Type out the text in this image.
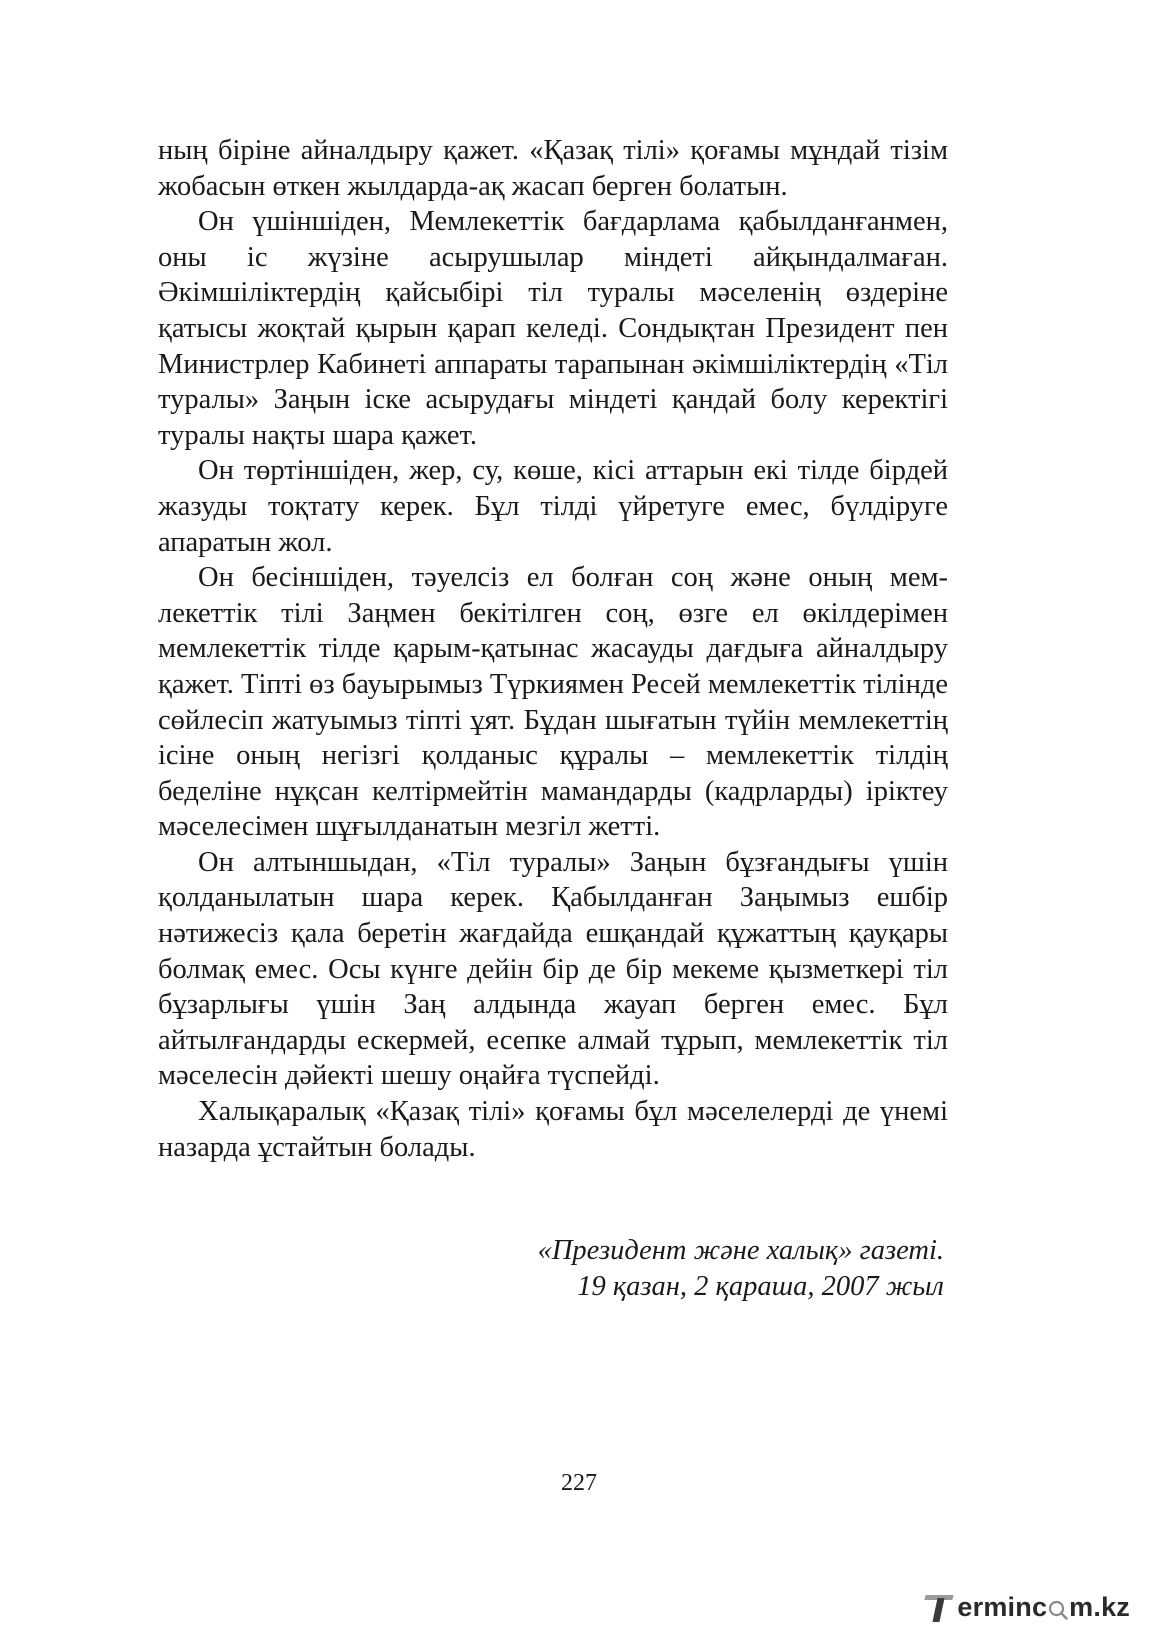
ның біріне айналдыру қажет. «Қазақ тілі» қоғамы мұндай тізім жобасын өткен жылдарда-ақ жасап берген болатын.

Он үшіншіден, Мемлекеттік бағдарлама қабылданғанмен, оны іс жүзіне асырушылар міндеті айқындалмаған. Әкімшіліктердің қайсыбірі тіл туралы мәселенің өздеріне қатысы жоқтай қырын қарап келеді. Сондықтан Президент пен Министрлер Кабинеті аппараты тарапынан әкімшіліктердің «Тіл туралы» Заңын іске асырудағы міндеті қандай болу керектігі туралы нақты шара қажет.

Он төртіншіден, жер, су, көше, кісі аттарын екі тілде бірдей жазуды тоқтату керек. Бұл тілді үйретуге емес, бүлдіруге апаратын жол.

Он бесіншіден, тәуелсіз ел болған соң және оның мемлекеттік тілі Заңмен бекітілген соң, өзге ел өкілдерімен мемлекеттік тілде қарым-қатынас жасауды дағдыға айналдыру қажет. Тіпті өз бауырымыз Түркиямен Ресей мемлекеттік тілінде сөйлесіп жатуымыз тіпті ұят. Бұдан шығатын түйін мемлекеттің ісіне оның негізгі қолданыс құралы – мемлекеттік тілдің беделіне нұқсан келтірмейтін мамандарды (кадрларды) іріктеу мәселесімен шұғылданатын мезгіл жетті.

Он алтыншыдан, «Тіл туралы» Заңын бұзғандығы үшін қолданылатын шара керек. Қабылданған Заңымыз ешбір нәтижесіз қала беретін жағдайда ешқандай құжаттың қауқары болмақ емес. Осы күнге дейін бір де бір мекеме қызметкері тіл бұзарлығы үшін Заң алдында жауап берген емес. Бұл айтылғандарды ескермей, есепке алмай тұрып, мемлекеттік тіл мәселесін дәйекті шешу оңайға түспейді.

Халықаралық «Қазақ тілі» қоғамы бұл мәселелерді де үнемі назарда ұстайтын болады.

«Президент және халық» газеті.
19 қазан, 2 қараша, 2007 жыл
227
erminc m.kz
